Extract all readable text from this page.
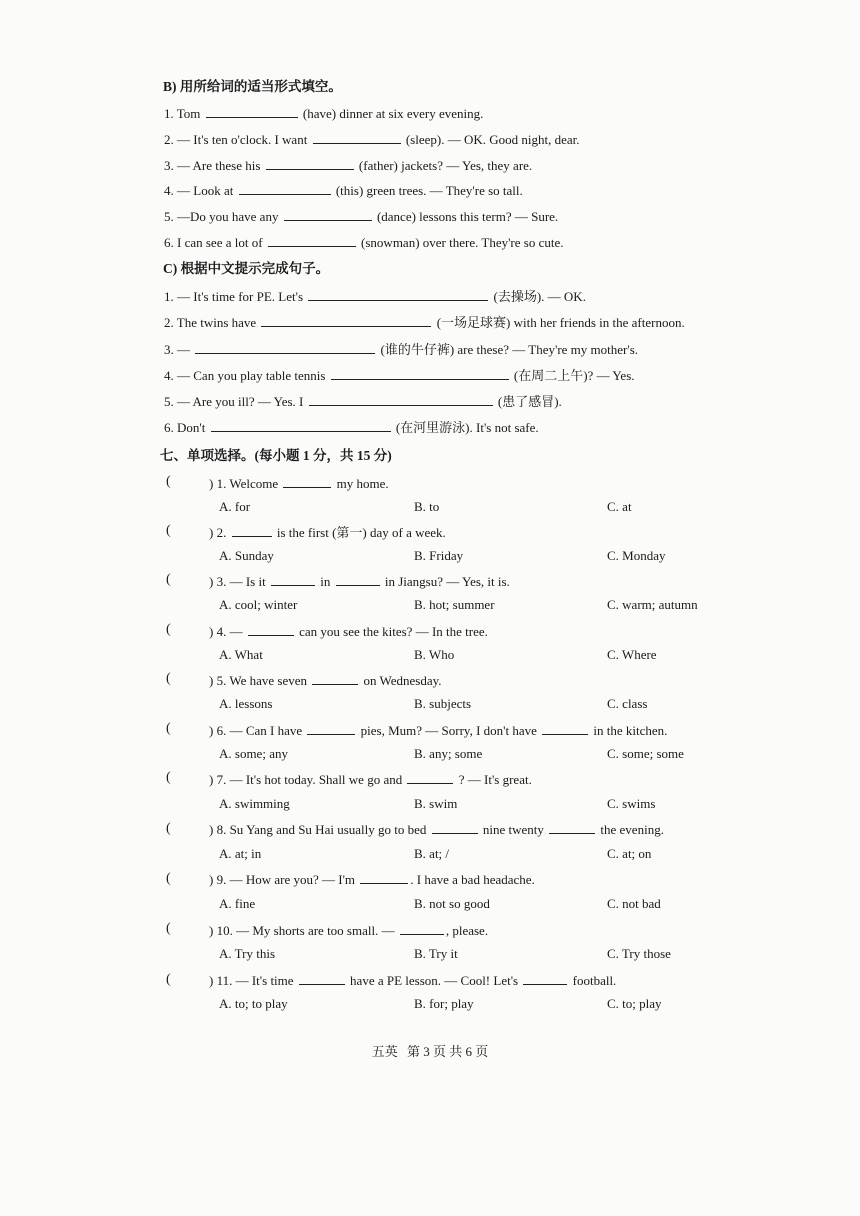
B) 用所给词的适当形式填空。
1. Tom	(have) dinner at six every evening.
2. — It's ten o'clock. I want	(sleep). — OK. Good night, dear.
3. — Are these his	(father) jackets? — Yes, they are.
4. — Look at	(this) green trees. — They're so tall.
5. —Do you have any	(dance) lessons this term? — Sure.
6. I can see a lot of	(snowman) over there. They're so cute.
C) 根据中文提示完成句子。
1. — It's time for PE. Let's	(去操场). — OK.
2. The twins have	(一场足球赛) with her friends in the afternoon.
3. —	(谁的牛仔裤) are these? — They're my mother's.
4. — Can you play table tennis	(在周二上午)? — Yes.
5. — Are you ill? — Yes. I	(患了感冒).
6. Don't	(在河里游泳). It's not safe.
七、单项选择。(每小题 1 分，共 15 分)
(	) 1. Welcome	my home.
A. for	B. to	C. at
(	) 2.	is the first (第一) day of a week.
A. Sunday	B. Friday	C. Monday
(	) 3. — Is it	in	in Jiangsu? — Yes, it is.
A. cool; winter	B. hot; summer	C. warm; autumn
(	) 4. —	can you see the kites? — In the tree.
A. What	B. Who	C. Where
(	) 5. We have seven	on Wednesday.
A. lessons	B. subjects	C. class
(	) 6. — Can I have	pies, Mum? — Sorry, I don't have	in the kitchen.
A. some; any	B. any; some	C. some; some
(	) 7. — It's hot today. Shall we go and	? — It's great.
A. swimming	B. swim	C. swims
(	) 8. Su Yang and Su Hai usually go to bed	nine twenty	the evening.
A. at; in	B. at; /	C. at; on
(	) 9. — How are you? — I'm	. I have a bad headache.
A. fine	B. not so good	C. not bad
(	) 10. — My shorts are too small. —	, please.
A. Try this	B. Try it	C. Try those
(	) 11. — It's time	have a PE lesson. — Cool! Let's	football.
A. to; to play	B. for; play	C. to; play
五英 第 3 页 共 6 页
